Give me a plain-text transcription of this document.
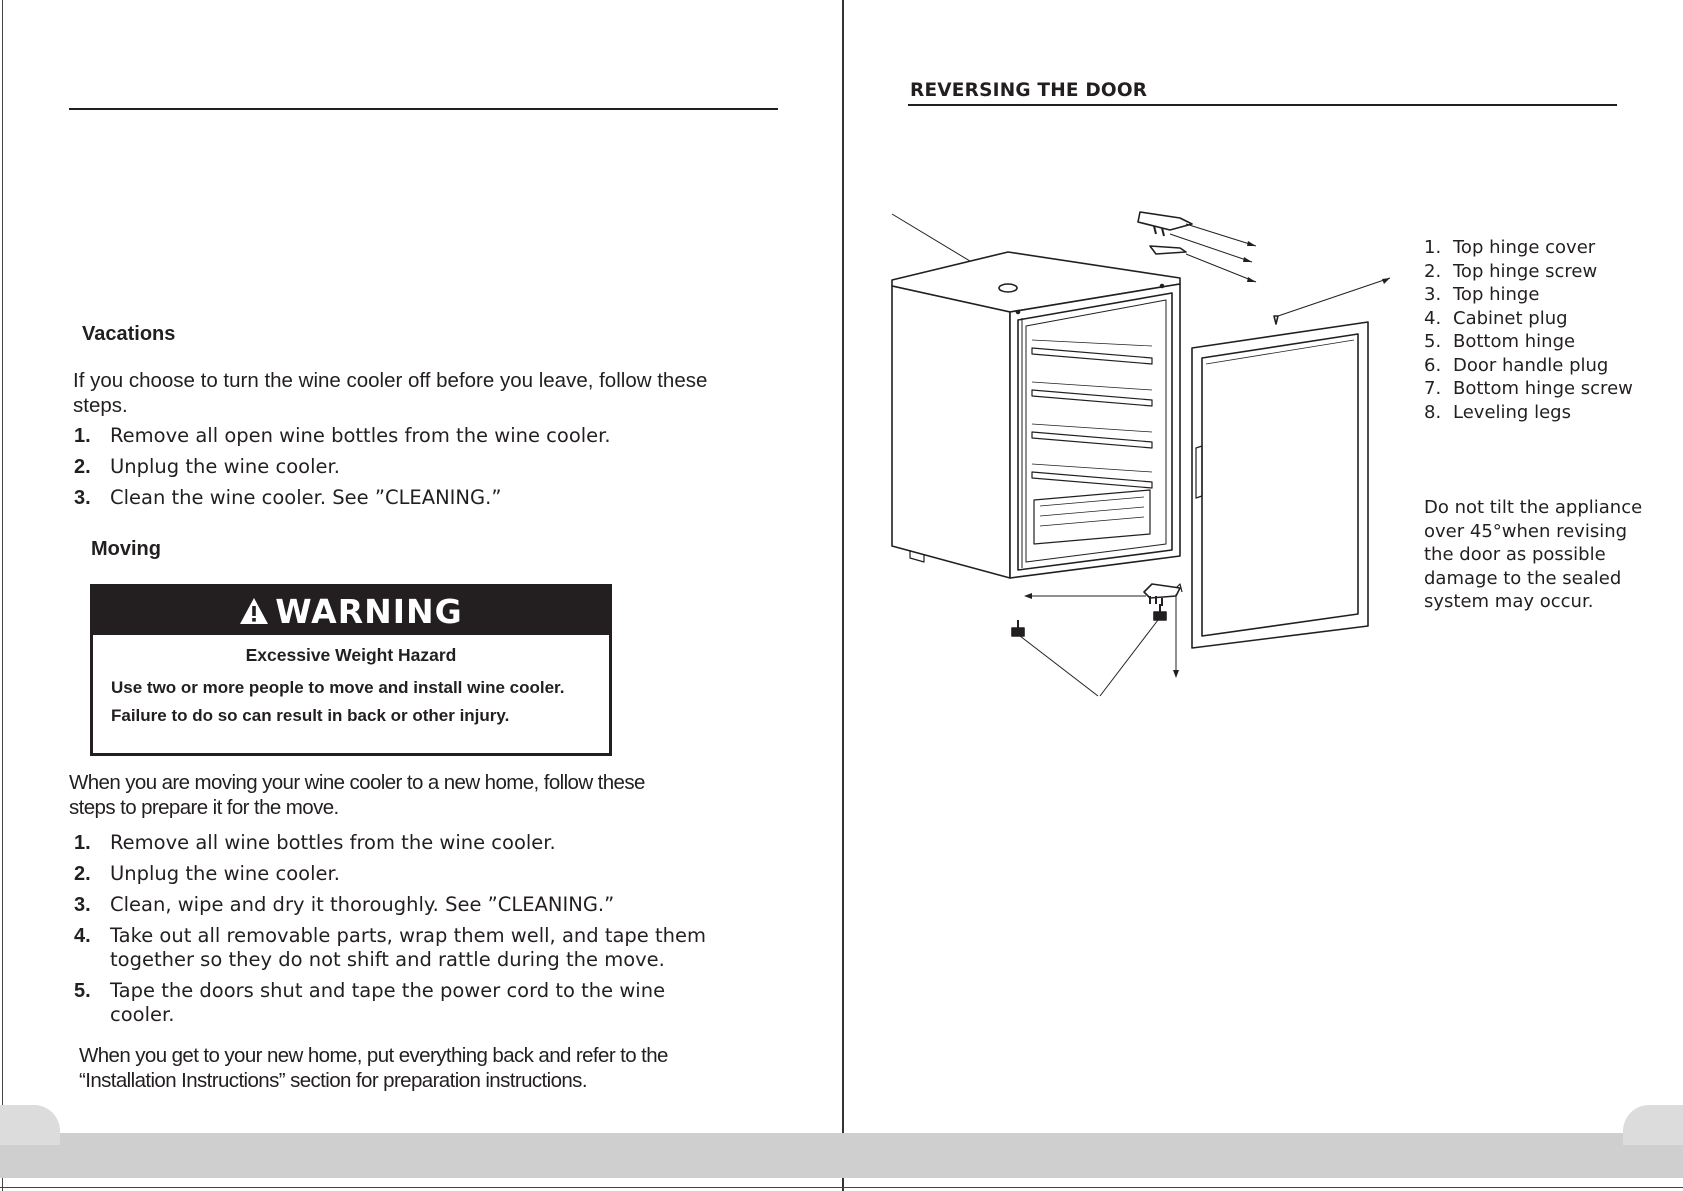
Vacations
If you choose to turn the wine cooler off before you leave, follow these steps.
1. Remove all open wine bottles from the wine cooler.
2. Unplug the wine cooler.
3. Clean the wine cooler. See ”CLEANING.”
Moving
WARNING
Excessive Weight Hazard
Use two or more people to move and install wine cooler.
Failure to do so can result in back or other injury.
When you are moving your wine cooler to a new home, follow these steps to prepare it for the move.
1. Remove all wine bottles from the wine cooler.
2. Unplug the wine cooler.
3. Clean, wipe and dry it thoroughly. See ”CLEANING.”
4. Take out all removable parts, wrap them well, and tape them together so they do not shift and rattle during the move.
5. Tape the doors shut and tape the power cord to the wine cooler.
When you get to your new home, put everything back and refer to the “Installation Instructions” section for preparation instructions.
REVERSING THE DOOR
1. Top hinge cover
2. Top hinge screw
3. Top hinge
4. Cabinet plug
5. Bottom hinge
6. Door handle plug
7. Bottom hinge screw
8. Leveling legs
Do not tilt the appliance over 45°when revising the door as possible damage to the sealed system may occur.
